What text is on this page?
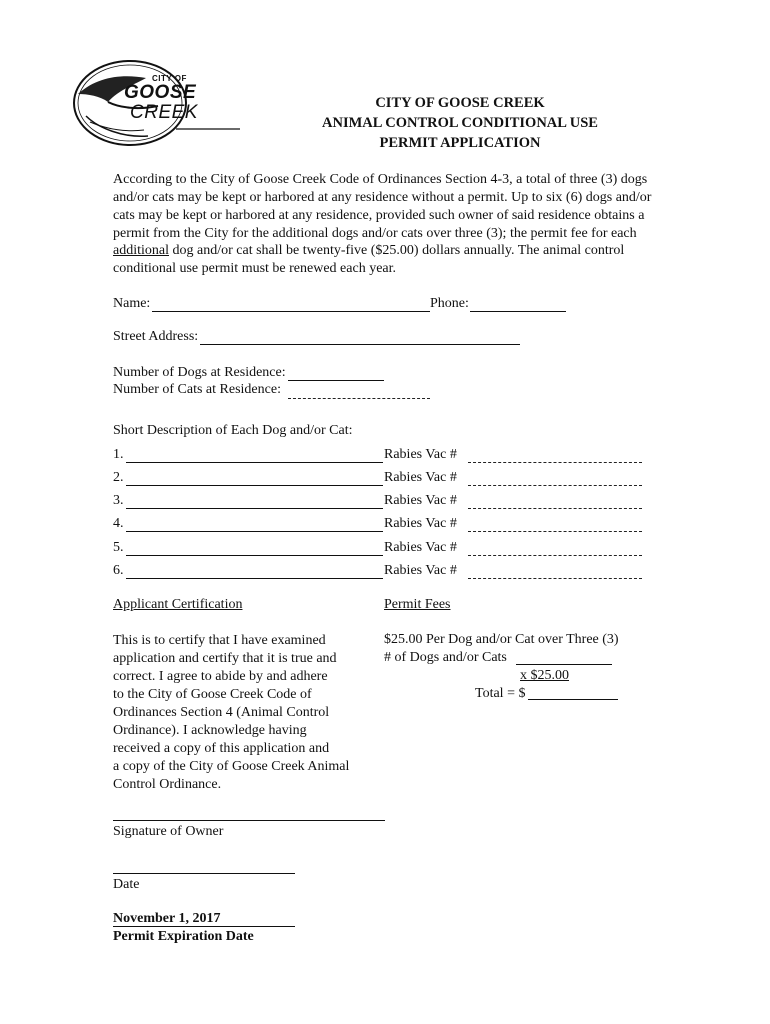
CITY OF
GOOSE
CREEK	CITY OF GOOSE CREEK
ANIMAL CONTROL CONDITIONAL USE
PERMIT APPLICATION
According to the City of Goose Creek Code of Ordinances Section 4-3, a total of three (3) dogs
and/or cats may be kept or harbored at any residence without a permit. Up to six (6) dogs and/or
cats may be kept or harbored at any residence, provided such owner of said residence obtains a
permit from the City for the additional dogs and/or cats over three (3); the permit fee for each
additional dog and/or cat shall be twenty-five ($25.00) dollars annually. The animal control
conditional use permit must be renewed each year.
Name:	Phone:
Street Address:
Number of Dogs at Residence:
Number of Cats at Residence:
Short Description of Each Dog and/or Cat:
1.	Rabies Vac #
2.	Rabies Vac #
3.	Rabies Vac #
4.	Rabies Vac #
5.	Rabies Vac #
6.	Rabies Vac #
Applicant Certification
This is to certify that I have examined
application and certify that it is true and
correct. I agree to abide by and adhere
to the City of Goose Creek Code of
Ordinances Section 4 (Animal Control
Ordinance). I acknowledge having
received a copy of this application and
a copy of the City of Goose Creek Animal
Control Ordinance.
Permit Fees
$25.00 Per Dog and/or Cat over Three (3)
# of Dogs and/or Cats
x $25.00
Total = $
Signature of Owner
Date
November 1, 2017
Permit Expiration Date
